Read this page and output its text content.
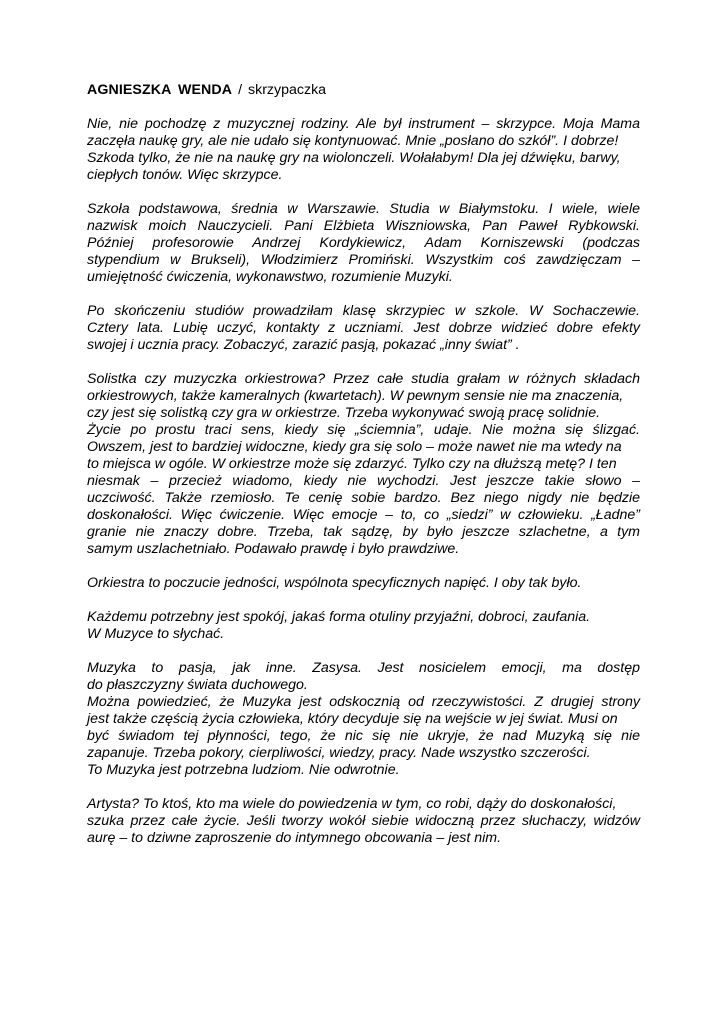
AGNIESZKA WENDA / skrzypaczka
Nie, nie pochodzę z muzycznej rodziny. Ale był instrument – skrzypce. Moja Mama
zaczęła naukę gry, ale nie udało się kontynuować. Mnie „posłano do szkół”. I dobrze!
Szkoda tylko, że nie na naukę gry na wiolonczeli. Wołałabym! Dla jej dźwięku, barwy,
ciepłych tonów. Więc skrzypce.
Szkoła podstawowa, średnia w Warszawie. Studia w Białymstoku. I wiele, wiele
nazwisk moich Nauczycieli. Pani Elżbieta Wiszniowska, Pan Paweł Rybkowski.
Później profesorowie Andrzej Kordykiewicz, Adam Korniszewski (podczas
stypendium w Brukseli), Włodzimierz Promiński. Wszystkim coś zawdzięczam –
umiejętność ćwiczenia, wykonawstwo, rozumienie Muzyki.
Po skończeniu studiów prowadziłam klasę skrzypiec w szkole. W Sochaczewie.
Cztery lata. Lubię uczyć, kontakty z uczniami. Jest dobrze widzieć dobre efekty
swojej i ucznia pracy. Zobaczyć, zarazić pasją, pokazać „inny świat” .
Solistka czy muzyczka orkiestrowa? Przez całe studia grałam w różnych składach
orkiestrowych, także kameralnych (kwartetach). W pewnym sensie nie ma znaczenia,
czy jest się solistką czy gra w orkiestrze. Trzeba wykonywać swoją pracę solidnie.
Życie po prostu traci sens, kiedy się „ściemnia”, udaje. Nie można się ślizgać.
Owszem, jest to bardziej widoczne, kiedy gra się solo – może nawet nie ma wtedy na
to miejsca w ogóle. W orkiestrze może się zdarzyć. Tylko czy na dłuższą metę? I ten
niesmak – przecież wiadomo, kiedy nie wychodzi. Jest jeszcze takie słowo –
uczciwość. Także rzemiosło. Te cenię sobie bardzo. Bez niego nigdy nie będzie
doskonałości. Więc ćwiczenie. Więc emocje – to, co „siedzi” w człowieku. „Ładne”
granie nie znaczy dobre. Trzeba, tak sądzę, by było jeszcze szlachetne, a tym
samym uszlachetniało. Podawało prawdę i było prawdziwe.
Orkiestra to poczucie jedności, wspólnota specyficznych napięć. I oby tak było.
Każdemu potrzebny jest spokój, jakaś forma otuliny przyjaźni, dobroci, zaufania.
W Muzyce to słychać.
Muzyka to pasja, jak inne. Zasysa. Jest nosicielem emocji, ma dostęp
do płaszczyzny świata duchowego.
Można powiedzieć, że Muzyka jest odskocznią od rzeczywistości. Z drugiej strony
jest także częścią życia człowieka, który decyduje się na wejście w jej świat. Musi on
być świadom tej płynności, tego, że nic się nie ukryje, że nad Muzyką się nie
zapanuje. Trzeba pokory, cierpliwości, wiedzy, pracy. Nade wszystko szczerości.
To Muzyka jest potrzebna ludziom. Nie odwrotnie.
Artysta? To ktoś, kto ma wiele do powiedzenia w tym, co robi, dąży do doskonałości,
szuka przez całe życie. Jeśli tworzy wokół siebie widoczną przez słuchaczy, widzów
aurę – to dziwne zaproszenie do intymnego obcowania – jest nim.
